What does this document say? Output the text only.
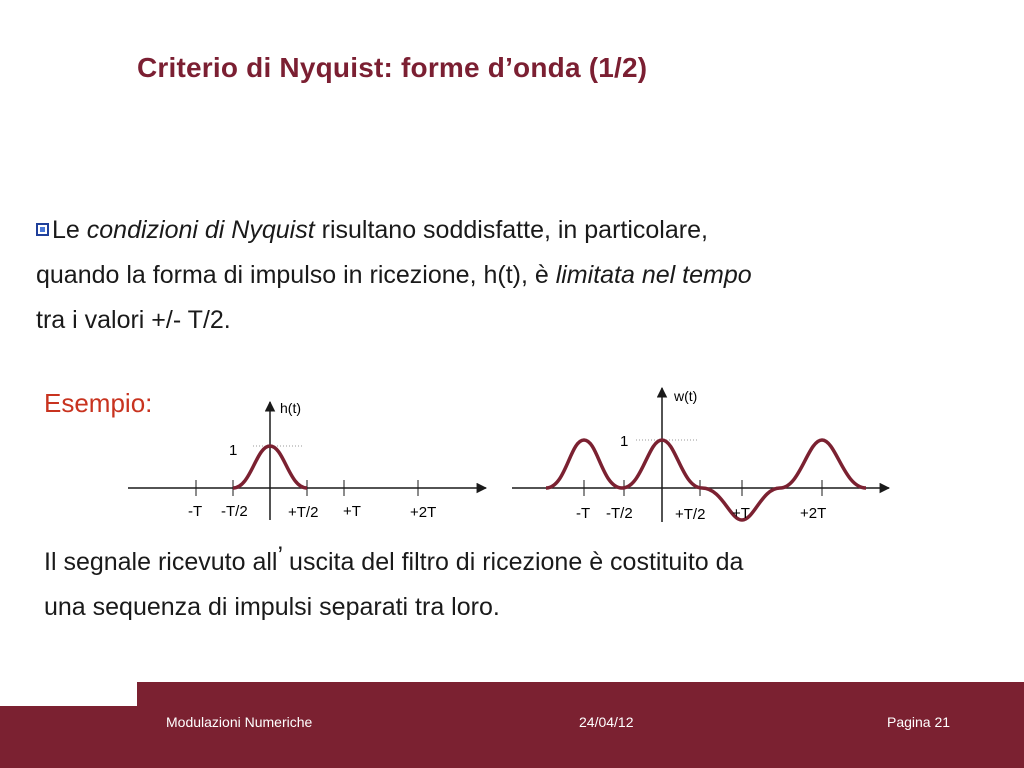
Criterio di Nyquist: forme d’onda (1/2)
Le condizioni di Nyquist risultano soddisfatte, in particolare,
quando la forma di impulso in ricezione, h(t), è limitata nel tempo
tra i valori +/- T/2.
Esempio:	h(t)
1
-T -T/2	+T/2 +T	+2T
w(t)
1
-T -T/2	+T/2 +T	+2T
Il segnale ricevuto all’ uscita del filtro di ricezione è costituito da
una sequenza di impulsi separati tra loro.
Modulazioni Numeriche	24/04/12	Pagina 21
